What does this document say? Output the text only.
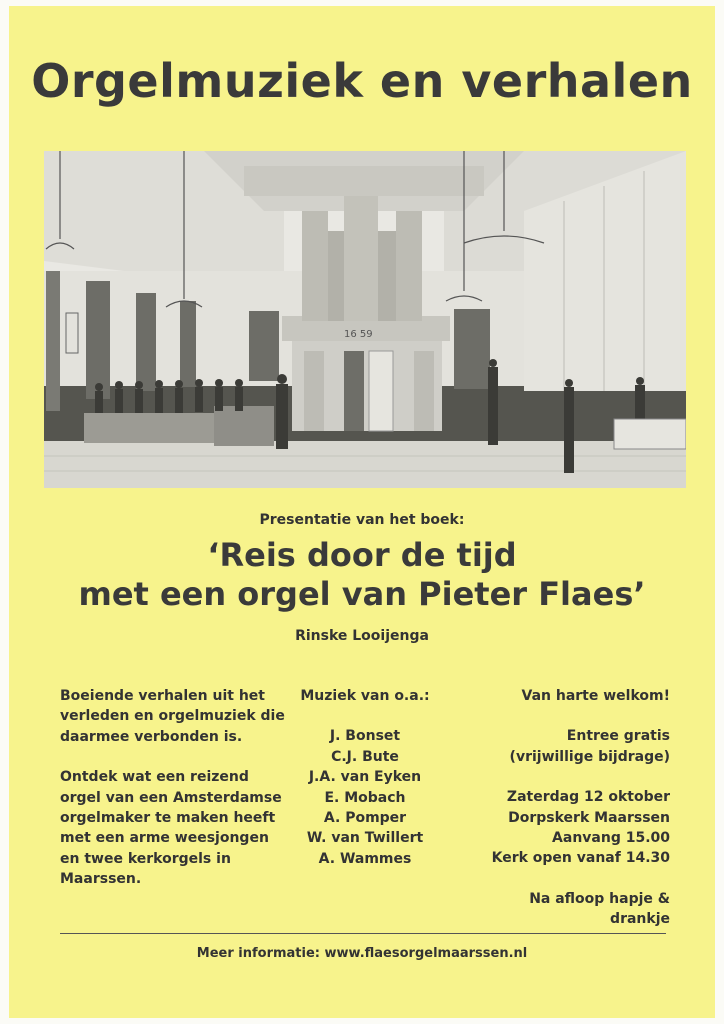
Orgelmuziek en verhalen
16 59
Presentatie van het boek:
‘Reis door de tijd
met een orgel van Pieter Flaes’
Rinske Looijenga

Boeiende verhalen uit het

verleden en orgelmuziek die

daarmee verbonden is.

Ontdek wat een reizend

orgel van een Amsterdamse

orgelmaker te maken heeft

met een arme weesjongen

en twee kerkorgels in

Maarssen.

Muziek van o.a.:

J. Bonset

C.J. Bute

J.A. van Eyken

E. Mobach

A. Pomper

W. van Twillert

A. Wammes

Van harte welkom!

Entree gratis

(vrijwillige bijdrage)

Zaterdag 12 oktober

Dorpskerk Maarssen

Aanvang 15.00

Kerk open vanaf 14.30

Na afloop hapje & drankje

Meer informatie: www.flaesorgelmaarssen.nl
